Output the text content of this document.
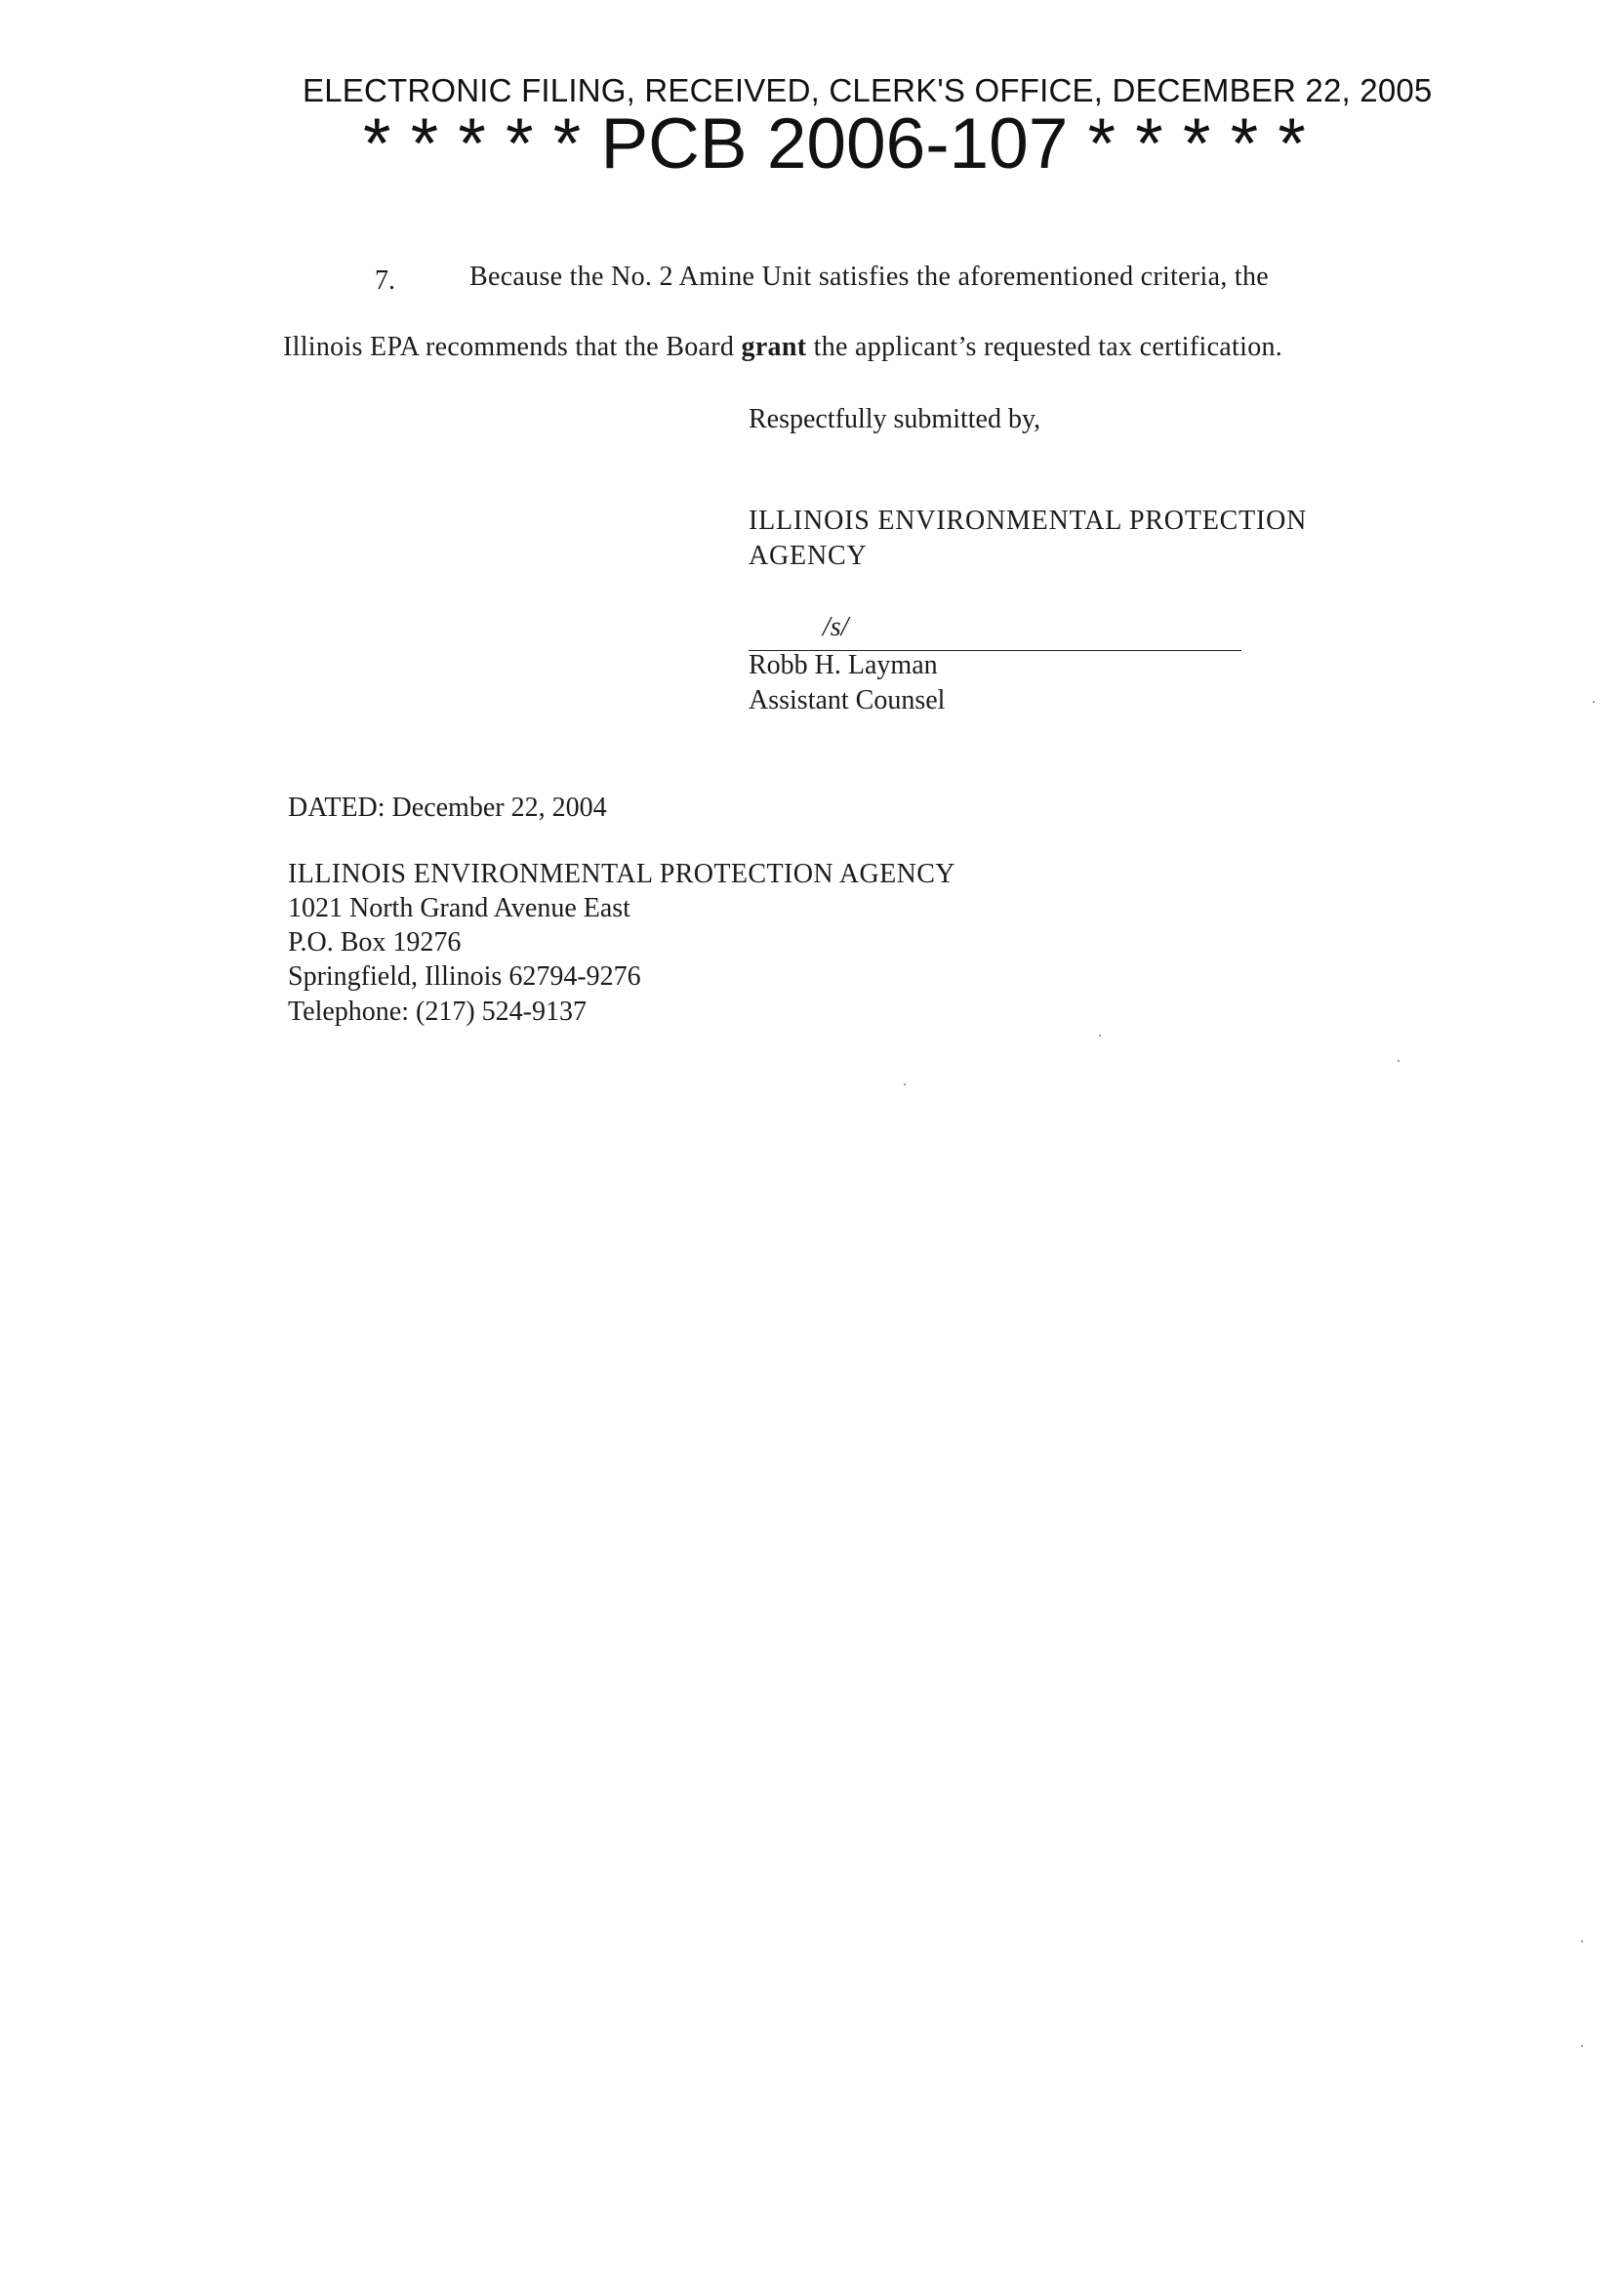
ELECTRONIC FILING, RECEIVED, CLERK'S OFFICE, DECEMBER 22, 2005
* * * * * PCB 2006-107 * * * * *
7.	Because the No. 2 Amine Unit satisfies the aforementioned criteria, the
Illinois EPA recommends that the Board grant the applicant’s requested tax certification.
Respectfully submitted by,
ILLINOIS ENVIRONMENTAL PROTECTION
AGENCY
/s/
Robb H. Layman
Assistant Counsel
DATED: December 22, 2004
ILLINOIS ENVIRONMENTAL PROTECTION AGENCY
1021 North Grand Avenue East
P.O. Box 19276
Springfield, Illinois 62794-9276
Telephone: (217) 524-9137
